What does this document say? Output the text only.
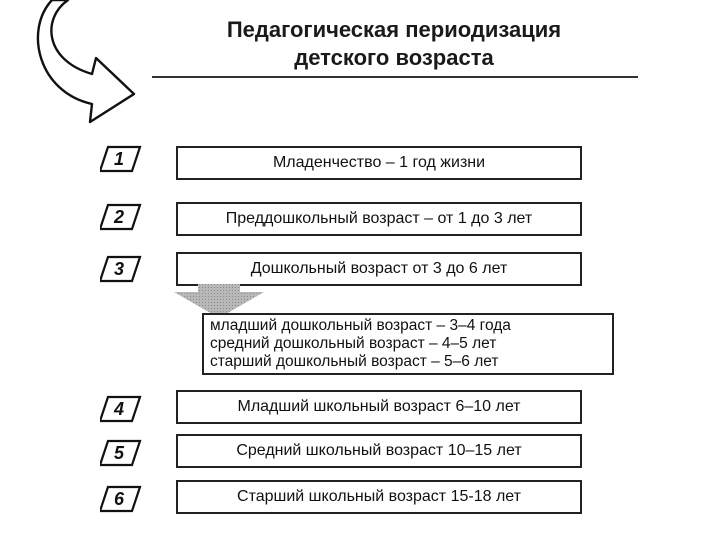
Педагогическая периодизация
детского возраста
1	Младенчество – 1 год жизни
2	Преддошкольный возраст – от 1 до 3 лет
3	Дошкольный возраст от 3 до 6 лет
младший дошкольный возраст – 3–4 года
средний дошкольный возраст – 4–5 лет
старший дошкольный возраст – 5–6 лет
4	Младший школьный возраст 6–10 лет
5	Средний школьный возраст 10–15 лет
6	Старший школьный возраст 15-18 лет
